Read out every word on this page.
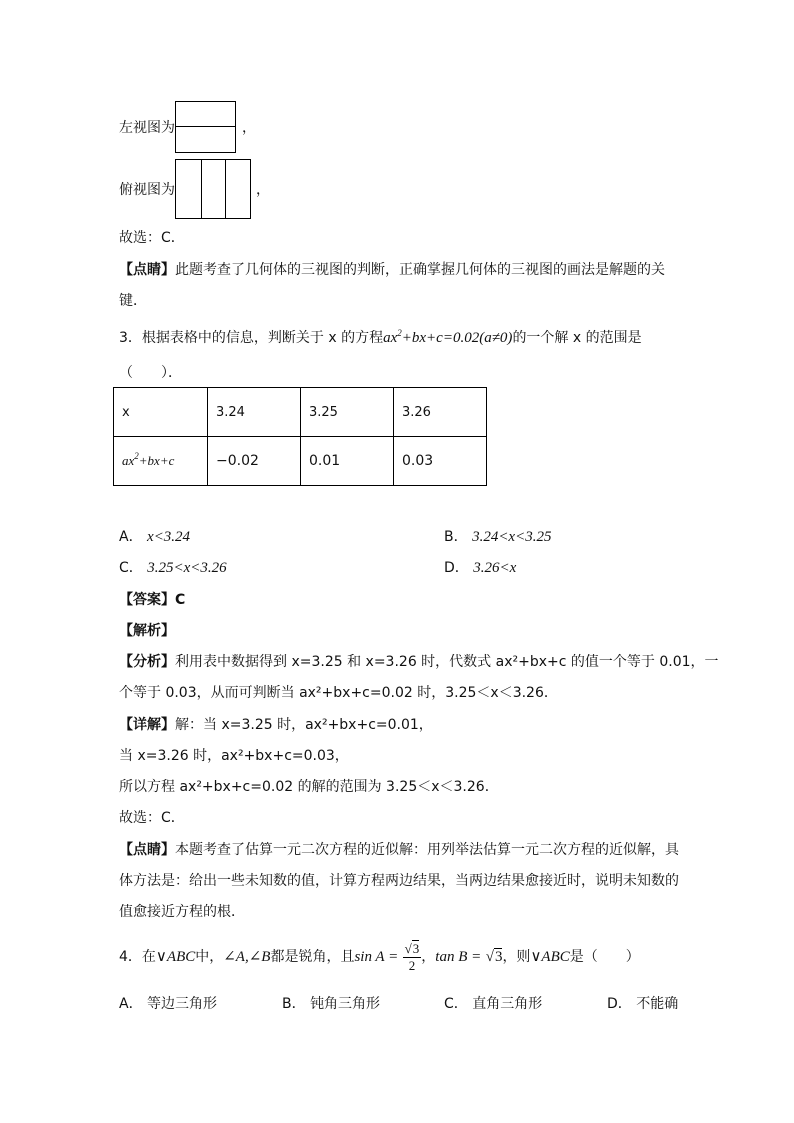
左视图为	，
俯视图为	，
故选：C．
【点睛】此题考查了几何体的三视图的判断，正确掌握几何体的三视图的画法是解题的关
键．
3．根据表格中的信息，判断关于 x 的方程$ax^2+bx+c=0.02(a\ne 0)$的一个解 x 的范围是
（　　）．
x	3.24	3.25	3.26
$ax^2+bx+c$	−0.02	0.01	0.03
A． x<3.24	B． 3.24<x<3.25
C． 3.25<x<3.26	D． 3.26<x
【答案】C
【解析】
【分析】利用表中数据得到 x=3.25 和 x=3.26 时，代数式 ax²+bx+c 的值一个等于 0.01，一
个等于 0.03，从而可判断当 ax²+bx+c=0.02 时，3.25＜x＜3.26．
【详解】解：当 x=3.25 时，ax²+bx+c=0.01，
当 x=3.26 时，ax²+bx+c=0.03，
所以方程 ax²+bx+c=0.02 的解的范围为 3.25＜x＜3.26．
故选：C．
【点睛】本题考查了估算一元二次方程的近似解：用列举法估算一元二次方程的近似解，具
体方法是：给出一些未知数的值，计算方程两边结果，当两边结果愈接近时，说明未知数的
值愈接近方程的根．
4．在∨ABC中，∠A,∠B都是锐角，且$\sin A = \frac{√3}{2}$ ，tan B = √3，则∨ABC是（　　）
A． 等边三角形	B． 钝角三角形	C． 直角三角形	D． 不能确
